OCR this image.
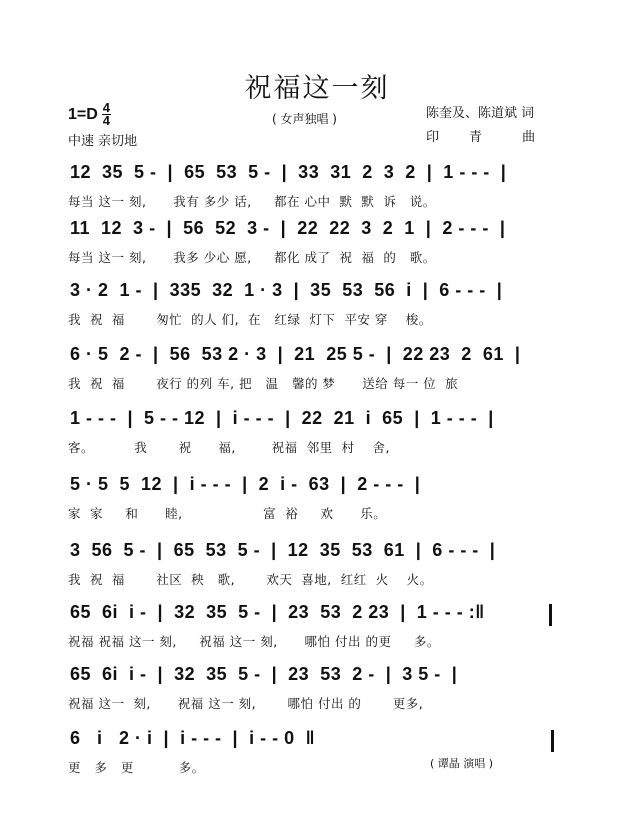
祝福这一刻
1=D 4
4
中速 亲切地
( 女声独唱 )	陈奎及、陈道斌 词
印青 曲
12  35  5 -  |  65  53  5 -  |  33  31  2  3  2  |  1 - - -  |
每当 这一 刻,      我有 多少 话,     都在 心中  默  默  诉   说。
11  12  3 -  |  56  52  3 -  |  22  22  3  2  1  |  2 - - -  |
每当 这一 刻,      我多 少心 愿,     都化 成了  祝  福  的   歌。
3 · 2  1 -  |  335  32  1 · 3  |  35  53  56  i  |  6 - - -  |
我  祝  福       匆忙  的人 们,  在   红绿  灯下  平安 穿    梭。
6 · 5  2 -  |  56  53 2 · 3  |  21  25 5 -  |  22 23  2  61  |
我  祝  福       夜行 的列 车, 把   温   馨的 梦      送给 每一 位  旅
1 - - -  |  5 - - 12  |  i - - -  |  22  21  i  65  |  1 - - -  |
客。         我       祝      福,        祝福  邻里  村    舍,
5 · 5  5  12  |  i - - -  |  2  i -  63  |  2 - - -  |
家  家     和      睦,                  富  裕     欢      乐。
3  56  5 -  |  65  53  5 -  |  12  35  53  61  |  6 - - -  |
我  祝  福       社区  秧   歌,       欢天  喜地,  红红  火    火。
65  6i  i -  |  32  35  5 -  |  23  53  2 23  |  1 - - - :‖
祝福 祝福 这一 刻,     祝福 这一 刻,      哪怕 付出 的更     多。
65  6i  i -  |  32  35  5 -  |  23  53  2 -  |  3 5 -  |
祝福 这一  刻,      祝福 这一 刻,       哪怕 付出 的       更多,
6   i   2 · i  |  i - - -  |  i - - 0  ‖
更   多   更          多。	( 谭晶 演唱 )
